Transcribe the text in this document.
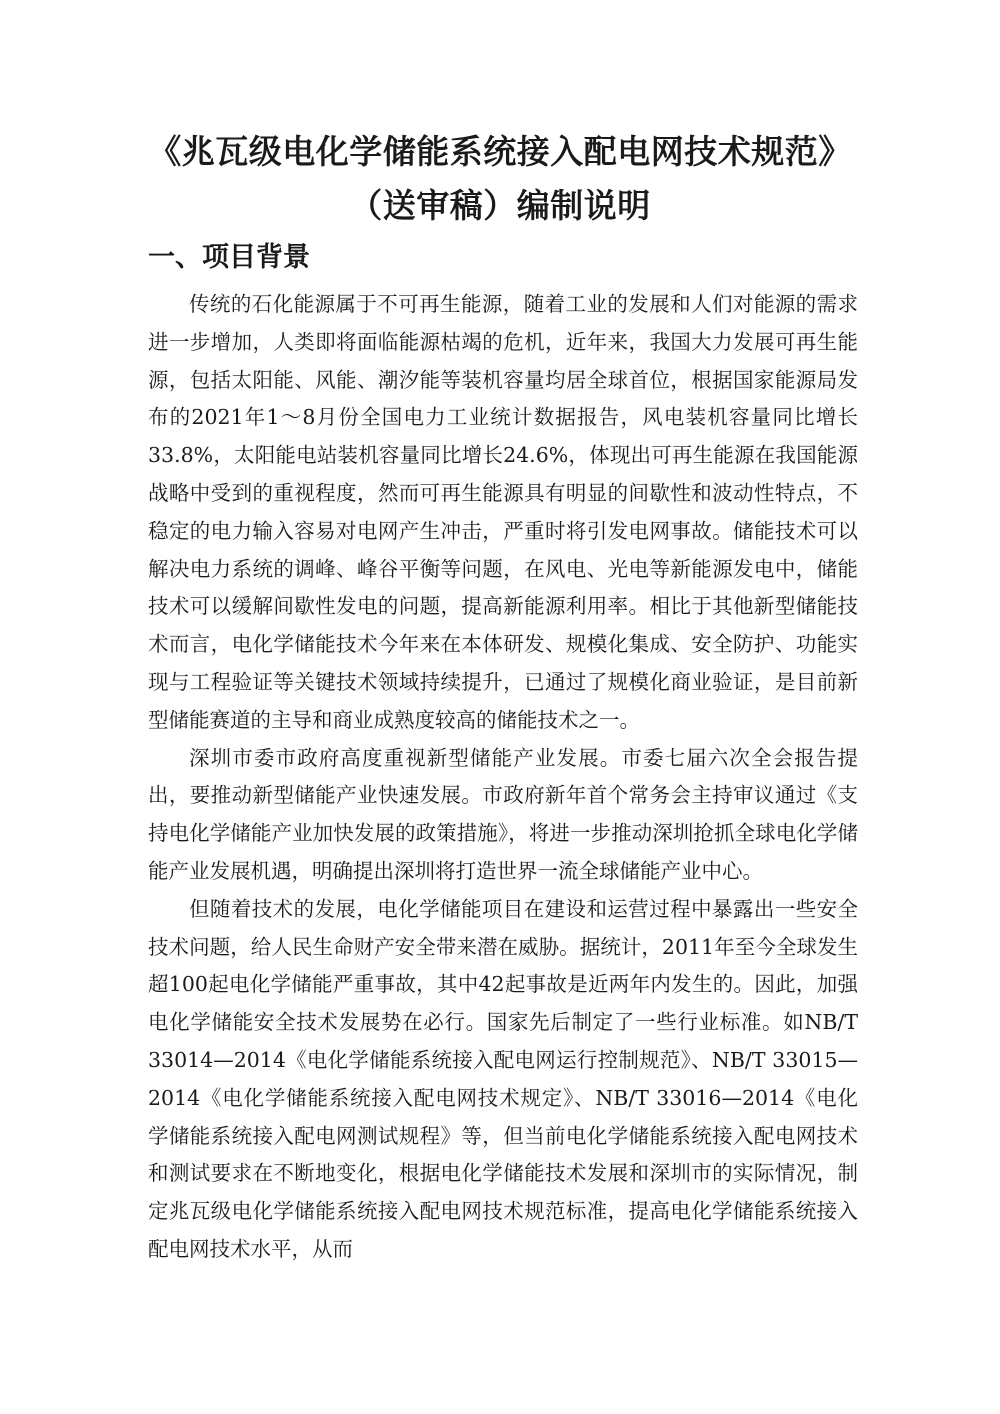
《兆瓦级电化学储能系统接入配电网技术规范》
（送审稿）编制说明
一、项目背景

传统的石化能源属于不可再生能源，随着工业的发展和人们对能源的需求进一步增加，人类即将面临能源枯竭的危机，近年来，我国大力发展可再生能源，包括太阳能、风能、潮汐能等装机容量均居全球首位，根据国家能源局发布的2021年1～8月份全国电力工业统计数据报告，风电装机容量同比增长33.8%，太阳能电站装机容量同比增长24.6%，体现出可再生能源在我国能源战略中受到的重视程度，然而可再生能源具有明显的间歇性和波动性特点，不稳定的电力输入容易对电网产生冲击，严重时将引发电网事故。储能技术可以解决电力系统的调峰、峰谷平衡等问题，在风电、光电等新能源发电中，储能技术可以缓解间歇性发电的问题，提高新能源利用率。相比于其他新型储能技术而言，电化学储能技术今年来在本体研发、规模化集成、安全防护、功能实现与工程验证等关键技术领域持续提升，已通过了规模化商业验证，是目前新型储能赛道的主导和商业成熟度较高的储能技术之一。

深圳市委市政府高度重视新型储能产业发展。市委七届六次全会报告提出，要推动新型储能产业快速发展。市政府新年首个常务会主持审议通过《支持电化学储能产业加快发展的政策措施》，将进一步推动深圳抢抓全球电化学储能产业发展机遇，明确提出深圳将打造世界一流全球储能产业中心。

但随着技术的发展，电化学储能项目在建设和运营过程中暴露出一些安全技术问题，给人民生命财产安全带来潜在威胁。据统计，2011年至今全球发生超100起电化学储能严重事故，其中42起事故是近两年内发生的。因此，加强电化学储能安全技术发展势在必行。国家先后制定了一些行业标准。如NB/T 33014—2014《电化学储能系统接入配电网运行控制规范》、NB/T 33015—2014《电化学储能系统接入配电网技术规定》、NB/T 33016—2014《电化学储能系统接入配电网测试规程》等，但当前电化学储能系统接入配电网技术和测试要求在不断地变化，根据电化学储能技术发展和深圳市的实际情况，制定兆瓦级电化学储能系统接入配电网技术规范标准，提高电化学储能系统接入配电网技术水平，从而
